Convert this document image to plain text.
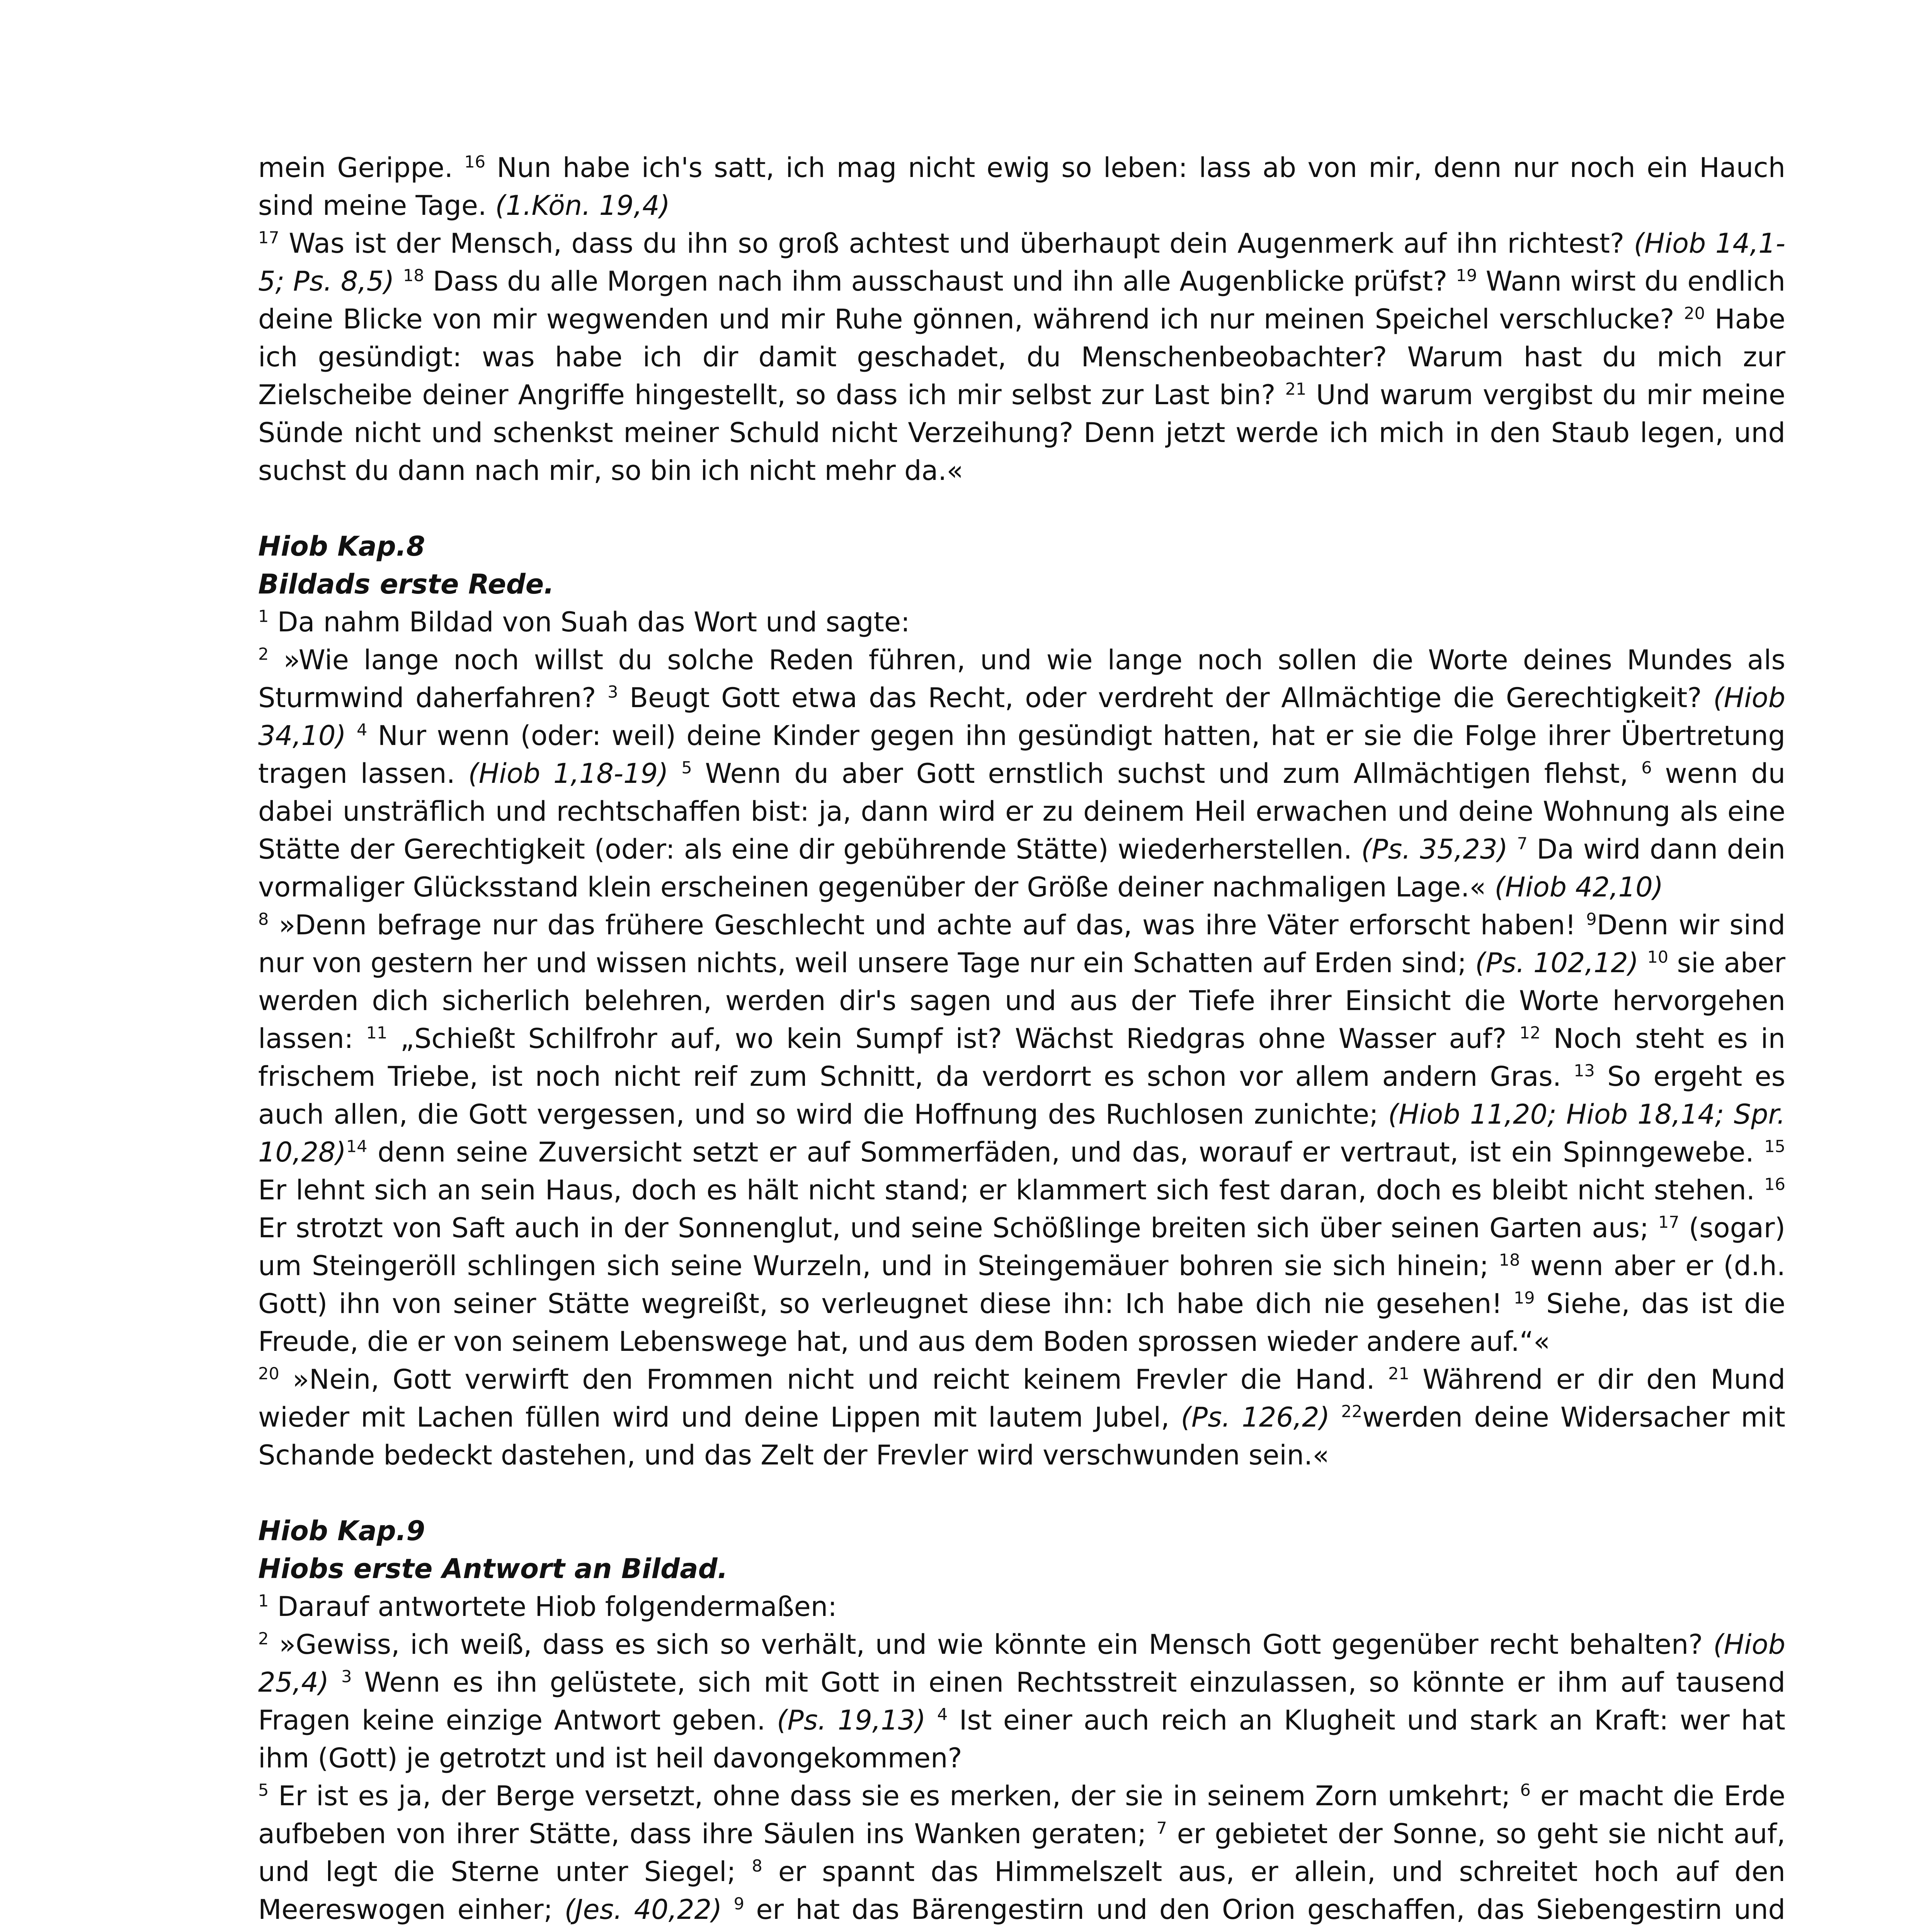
mein Gerippe. $^{16}$ Nun habe ich's satt, ich mag nicht ewig so leben: lass ab von mir, denn nur noch ein Hauch sind meine Tage. (1.Kön. 19,4)
$^{17}$ Was ist der Mensch, dass du ihn so groß achtest und überhaupt dein Augenmerk auf ihn richtest? (Hiob 14,1-5; Ps. 8,5) $^{18}$ Dass du alle Morgen nach ihm ausschaust und ihn alle Augenblicke prüfst? $^{19}$ Wann wirst du endlich deine Blicke von mir wegwenden und mir Ruhe gönnen, während ich nur meinen Speichel verschlucke? $^{20}$ Habe ich gesündigt: was habe ich dir damit geschadet, du Menschenbeobachter? Warum hast du mich zur Zielscheibe deiner Angriffe hingestellt, so dass ich mir selbst zur Last bin? $^{21}$ Und warum vergibst du mir meine Sünde nicht und schenkst meiner Schuld nicht Verzeihung? Denn jetzt werde ich mich in den Staub legen, und suchst du dann nach mir, so bin ich nicht mehr da.«
Hiob Kap.8
Bildads erste Rede.
$^1$ Da nahm Bildad von Suah das Wort und sagte:
$^2$ »Wie lange noch willst du solche Reden führen, und wie lange noch sollen die Worte deines Mundes als Sturmwind daherfahren? $^3$ Beugt Gott etwa das Recht, oder verdreht der Allmächtige die Gerechtigkeit? (Hiob 34,10) $^4$ Nur wenn (oder: weil) deine Kinder gegen ihn gesündigt hatten, hat er sie die Folge ihrer Übertretung tragen lassen. (Hiob 1,18-19) $^5$ Wenn du aber Gott ernstlich suchst und zum Allmächtigen flehst, $^6$ wenn du dabei unsträflich und rechtschaffen bist: ja, dann wird er zu deinem Heil erwachen und deine Wohnung als eine Stätte der Gerechtigkeit (oder: als eine dir gebührende Stätte) wiederherstellen. (Ps. 35,23) $^7$ Da wird dann dein vormaliger Glücksstand klein erscheinen gegenüber der Größe deiner nachmaligen Lage.« (Hiob 42,10)
$^8$ »Denn befrage nur das frühere Geschlecht und achte auf das, was ihre Väter erforscht haben! $^9$Denn wir sind nur von gestern her und wissen nichts, weil unsere Tage nur ein Schatten auf Erden sind; (Ps. 102,12) $^{10}$ sie aber werden dich sicherlich belehren, werden dir's sagen und aus der Tiefe ihrer Einsicht die Worte hervorgehen lassen: $^{11}$ „Schießt Schilfrohr auf, wo kein Sumpf ist? Wächst Riedgras ohne Wasser auf? $^{12}$ Noch steht es in frischem Triebe, ist noch nicht reif zum Schnitt, da verdorrt es schon vor allem andern Gras. $^{13}$ So ergeht es auch allen, die Gott vergessen, und so wird die Hoffnung des Ruchlosen zunichte; (Hiob 11,20; Hiob 18,14; Spr. 10,28)$^{14}$ denn seine Zuversicht setzt er auf Sommerfäden, und das, worauf er vertraut, ist ein Spinngewebe. $^{15}$ Er lehnt sich an sein Haus, doch es hält nicht stand; er klammert sich fest daran, doch es bleibt nicht stehen. $^{16}$ Er strotzt von Saft auch in der Sonnenglut, und seine Schößlinge breiten sich über seinen Garten aus; $^{17}$ (sogar) um Steingeröll schlingen sich seine Wurzeln, und in Steingemäuer bohren sie sich hinein; $^{18}$ wenn aber er (d.h. Gott) ihn von seiner Stätte wegreißt, so verleugnet diese ihn: Ich habe dich nie gesehen! $^{19}$ Siehe, das ist die Freude, die er von seinem Lebenswege hat, und aus dem Boden sprossen wieder andere auf.“«
$^{20}$ »Nein, Gott verwirft den Frommen nicht und reicht keinem Frevler die Hand. $^{21}$ Während er dir den Mund wieder mit Lachen füllen wird und deine Lippen mit lautem Jubel, (Ps. 126,2) $^{22}$werden deine Widersacher mit Schande bedeckt dastehen, und das Zelt der Frevler wird verschwunden sein.«
Hiob Kap.9
Hiobs erste Antwort an Bildad.
$^1$ Darauf antwortete Hiob folgendermaßen:
$^2$ »Gewiss, ich weiß, dass es sich so verhält, und wie könnte ein Mensch Gott gegenüber recht behalten? (Hiob 25,4) $^3$ Wenn es ihn gelüstete, sich mit Gott in einen Rechtsstreit einzulassen, so könnte er ihm auf tausend Fragen keine einzige Antwort geben. (Ps. 19,13) $^4$ Ist einer auch reich an Klugheit und stark an Kraft: wer hat ihm (Gott) je getrotzt und ist heil davongekommen?
$^5$ Er ist es ja, der Berge versetzt, ohne dass sie es merken, der sie in seinem Zorn umkehrt; $^6$ er macht die Erde aufbeben von ihrer Stätte, dass ihre Säulen ins Wanken geraten; $^7$ er gebietet der Sonne, so geht sie nicht auf, und legt die Sterne unter Siegel; $^8$ er spannt das Himmelszelt aus, er allein, und schreitet hoch auf den Meereswogen einher; (Jes. 40,22) $^9$ er hat das Bärengestirn und den Orion geschaffen, das Siebengestirn und
